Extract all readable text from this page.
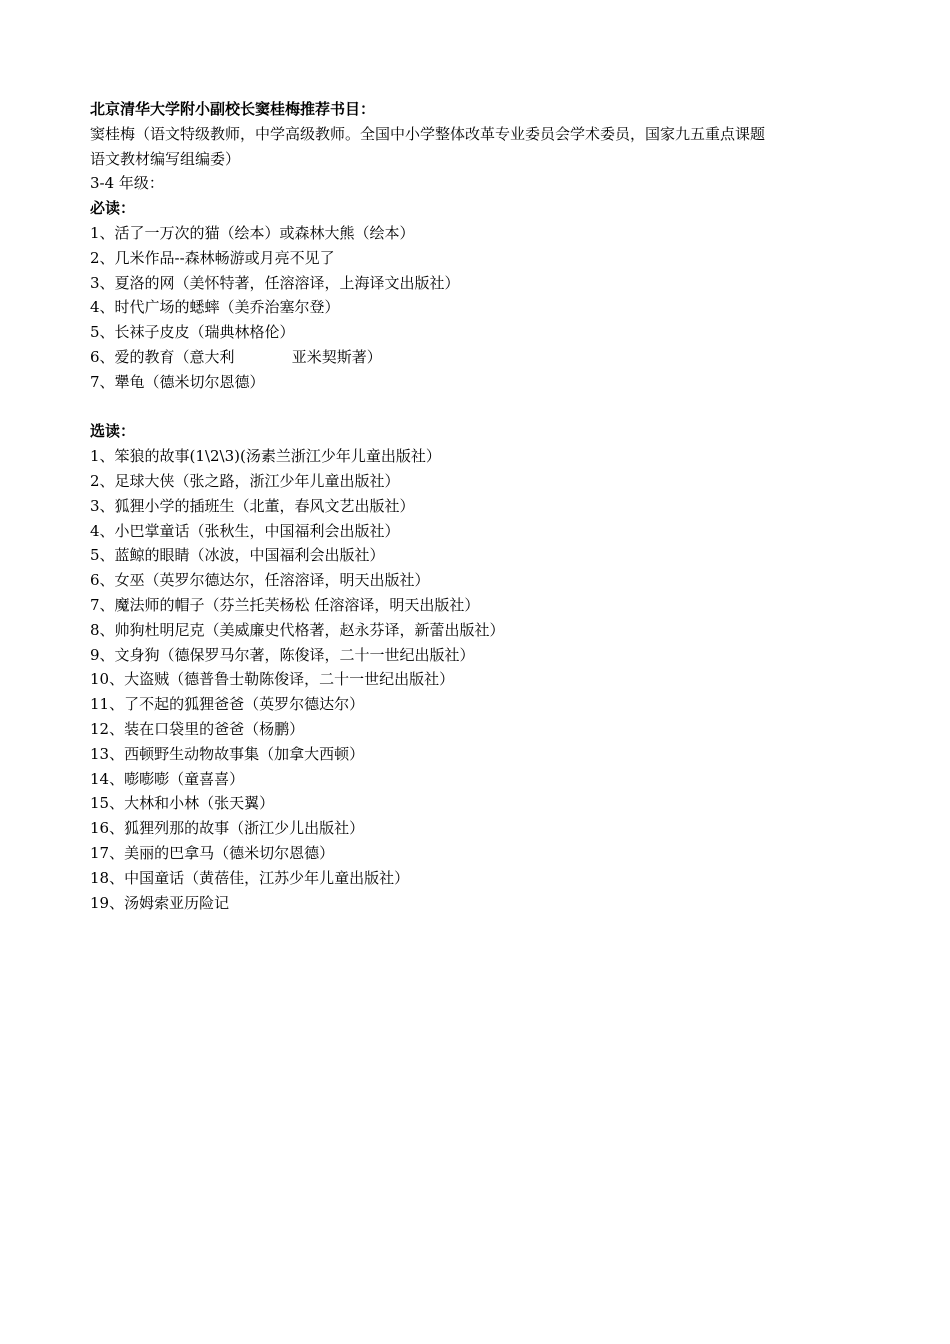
北京清华大学附小副校长窦桂梅推荐书目：

窦桂梅（语文特级教师，中学高级教师。全国中小学整体改革专业委员会学术委员，国家九五重点课题

语文教材编写组编委）

3-4 年级：

必读：

1、活了一万次的猫（绘本）或森林大熊（绘本）

2、几米作品--森林畅游或月亮不见了

3、夏洛的网（美怀特著，任溶溶译，上海译文出版社）

4、时代广场的蟋蟀（美乔治塞尔登）

5、长袜子皮皮（瑞典林格伦）

6、爱的教育（意大利            亚米契斯著）

7、犟龟（德米切尔恩德）

选读：

1、笨狼的故事(1\2\3)(汤素兰浙江少年儿童出版社）

2、足球大侠（张之路，浙江少年儿童出版社）

3、狐狸小学的插班生（北董，春风文艺出版社）

4、小巴掌童话（张秋生，中国福利会出版社）

5、蓝鲸的眼睛（冰波，中国福利会出版社）

6、女巫（英罗尔德达尔，任溶溶译，明天出版社）

7、魔法师的帽子（芬兰托芙杨松 任溶溶译，明天出版社）

8、帅狗杜明尼克（美威廉史代格著，赵永芬译，新蕾出版社）

9、文身狗（德保罗马尔著，陈俊译，二十一世纪出版社）

10、大盗贼（德普鲁士勒陈俊译，二十一世纪出版社）

11、了不起的狐狸爸爸（英罗尔德达尔）

12、装在口袋里的爸爸（杨鹏）

13、西顿野生动物故事集（加拿大西顿）

14、嘭嘭嘭（童喜喜）

15、大林和小林（张天翼）

16、狐狸列那的故事（浙江少儿出版社）

17、美丽的巴拿马（德米切尔恩德）

18、中国童话（黄蓓佳，江苏少年儿童出版社）

19、汤姆索亚历险记
